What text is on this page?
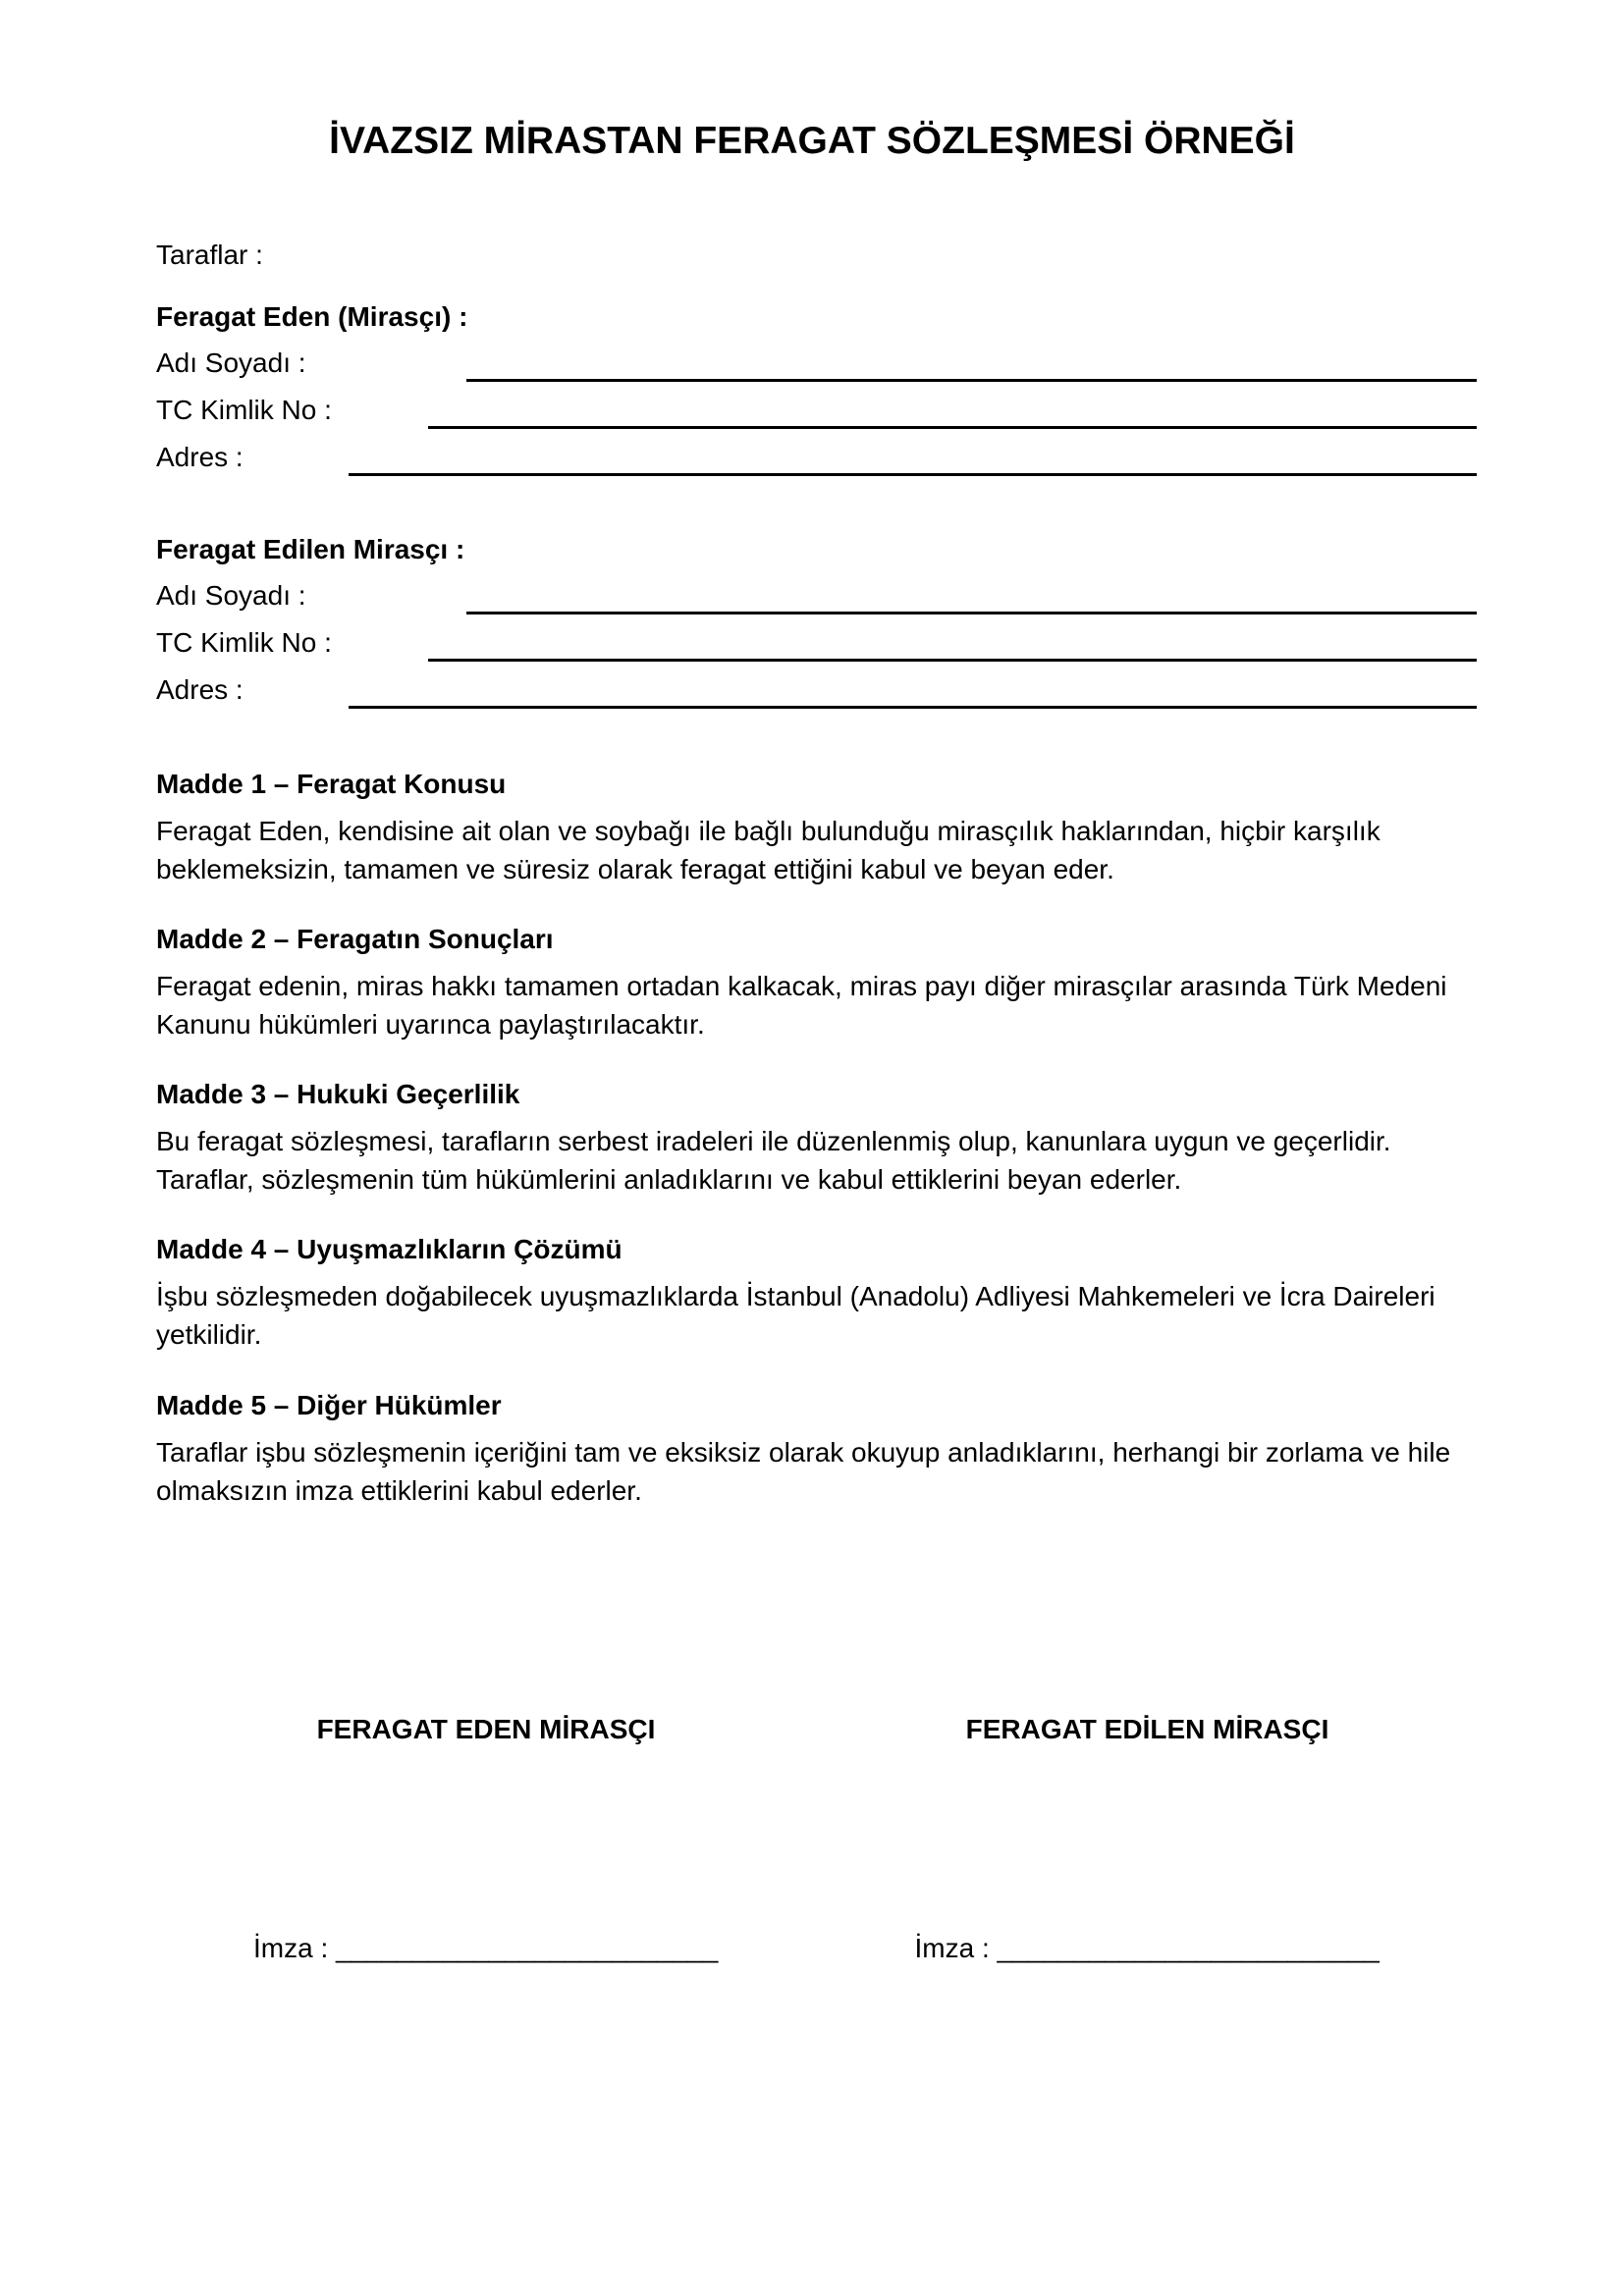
İVAZSIZ MİRASTAN FERAGAT SÖZLEŞMESİ ÖRNEĞİ
Taraflar :
Feragat Eden (Mirasçı) :
Adı Soyadı :
TC Kimlik No :
Adres :
Feragat Edilen Mirasçı :
Adı Soyadı :
TC Kimlik No :
Adres :
Madde 1 – Feragat Konusu
Feragat Eden, kendisine ait olan ve soybağı ile bağlı bulunduğu mirasçılık haklarından, hiçbir karşılık
beklemeksizin, tamamen ve süresiz olarak feragat ettiğini kabul ve beyan eder.
Madde 2 – Feragatın Sonuçları
Feragat edenin, miras hakkı tamamen ortadan kalkacak, miras payı diğer mirasçılar arasında Türk Medeni
Kanunu hükümleri uyarınca paylaştırılacaktır.
Madde 3 – Hukuki Geçerlilik
Bu feragat sözleşmesi, tarafların serbest iradeleri ile düzenlenmiş olup, kanunlara uygun ve geçerlidir.
Taraflar, sözleşmenin tüm hükümlerini anladıklarını ve kabul ettiklerini beyan ederler.
Madde 4 – Uyuşmazlıkların Çözümü
İşbu sözleşmeden doğabilecek uyuşmazlıklarda İstanbul (Anadolu) Adliyesi Mahkemeleri ve İcra Daireleri
yetkilidir.
Madde 5 – Diğer Hükümler
Taraflar işbu sözleşmenin içeriğini tam ve eksiksiz olarak okuyup anladıklarını, herhangi bir zorlama ve hile
olmaksızın imza ettiklerini kabul ederler.
FERAGAT EDEN MİRASÇI
İmza : _________________________
FERAGAT EDİLEN MİRASÇI
İmza : _________________________
